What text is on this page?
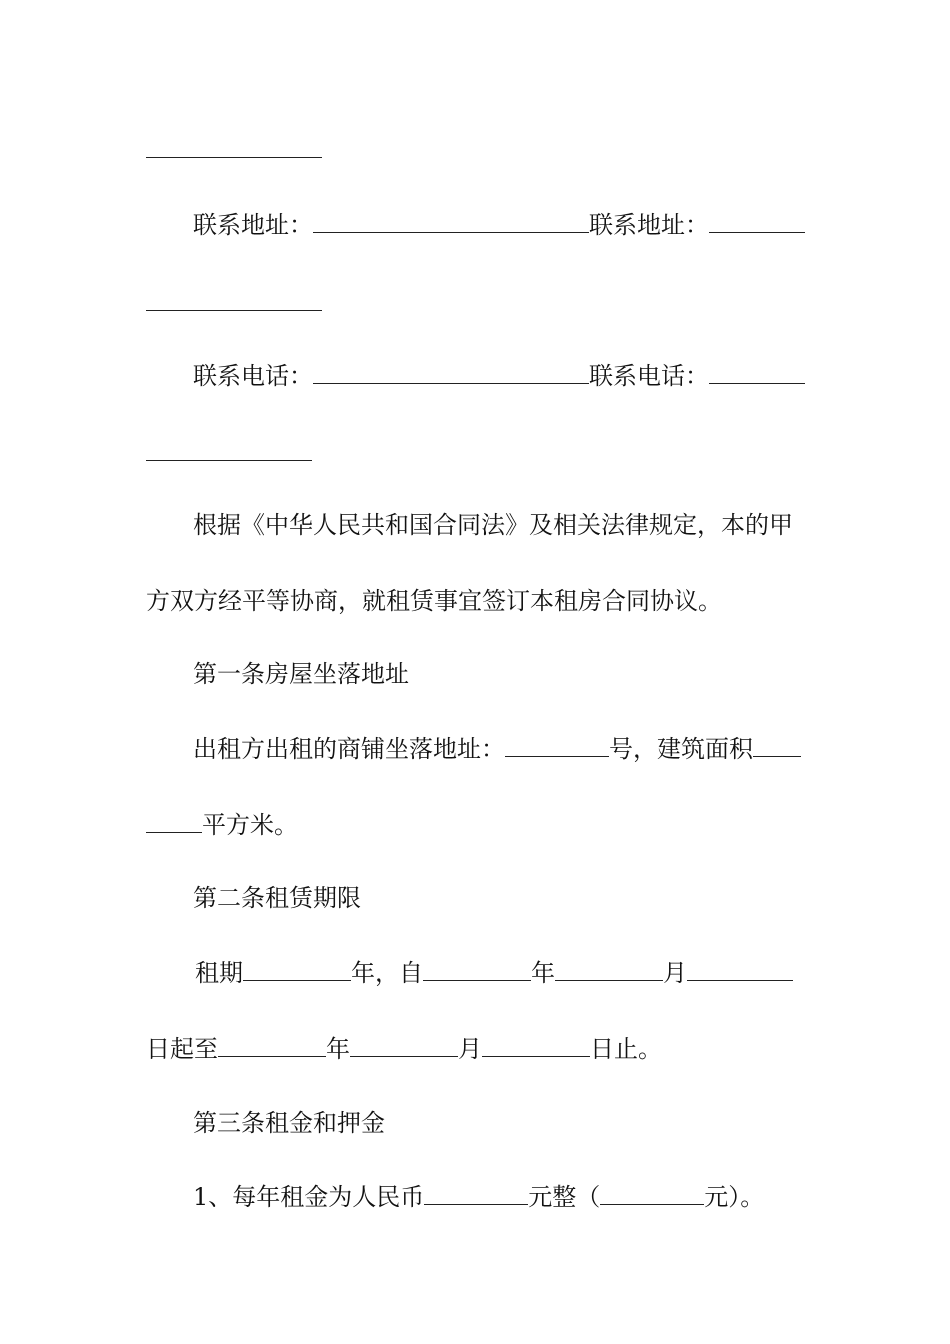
联系地址：	联系地址：
联系电话：	联系电话：
根据《中华人民共和国合同法》及相关法律规定，本的甲
方双方经平等协商，就租赁事宜签订本租房合同协议。
第一条房屋坐落地址
出租方出租的商铺坐落地址：	号，建筑面积
平方米。
第二条租赁期限
租期	年，自	年	月
日起至	年	月	日止。
第三条租金和押金
1、每年租金为人民币	元整（	元）。
